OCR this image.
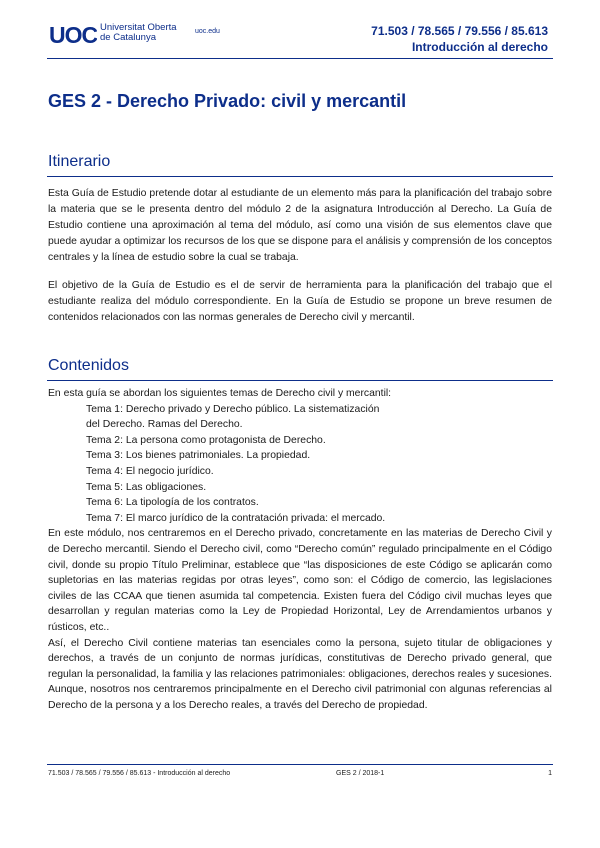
UOC Universitat Oberta
de Catalunya
uoc.edu	71.503 / 78.565 / 79.556 / 85.613
Introducción al derecho
GES 2 - Derecho Privado: civil y mercantil
Itinerario

Esta Guía de Estudio pretende dotar al estudiante de un elemento más para la planificación del trabajo sobre la materia que se le presenta dentro del módulo 2 de la asignatura Introducción al Derecho. La Guía de Estudio contiene una aproximación al tema del módulo, así como una visión de sus elementos clave que puede ayudar a optimizar los recursos de los que se dispone para el análisis y comprensión de los conceptos centrales y la línea de estudio sobre la cual se trabaja.

El objetivo de la Guía de Estudio es el de servir de herramienta para la planificación del trabajo que el estudiante realiza del módulo correspondiente. En la Guía de Estudio se propone un breve resumen de contenidos relacionados con las normas generales de Derecho civil y mercantil.

Contenidos

En esta guía se abordan los siguientes temas de Derecho civil y mercantil:

Tema 1: Derecho privado y Derecho público. La sistematización del Derecho. Ramas del Derecho.
Tema 2: La persona como protagonista de Derecho.
Tema 3: Los bienes patrimoniales. La propiedad.
Tema 4: El negocio jurídico.
Tema 5: Las obligaciones.
Tema 6: La tipología de los contratos.
Tema 7: El marco jurídico de la contratación privada: el mercado.

En este módulo, nos centraremos en el Derecho privado, concretamente en las materias de Derecho Civil y de Derecho mercantil. Siendo el Derecho civil, como “Derecho común” regulado principalmente en el Código civil, donde su propio Título Preliminar, establece que “las disposiciones de este Código se aplicarán como supletorias en las materias regidas por otras leyes”, como son: el Código de comercio, las legislaciones civiles de las CCAA que tienen asumida tal competencia. Existen fuera del Código civil muchas leyes que desarrollan y regulan materias como la Ley de Propiedad Horizontal, Ley de Arrendamientos urbanos y rústicos, etc..

Así, el Derecho Civil contiene materias tan esenciales como la persona, sujeto titular de obligaciones y derechos, a través de un conjunto de normas jurídicas, constitutivas de Derecho privado general, que regulan la personalidad, la familia y las relaciones patrimoniales: obligaciones, derechos reales y sucesiones. Aunque, nosotros nos centraremos principalmente en el Derecho civil patrimonial con algunas referencias al Derecho de la persona y a los Derecho reales, a través del Derecho de propiedad.

71.503 / 78.565 / 79.556 / 85.613 - Introducción al derecho	GES 2 / 2018-1	1
